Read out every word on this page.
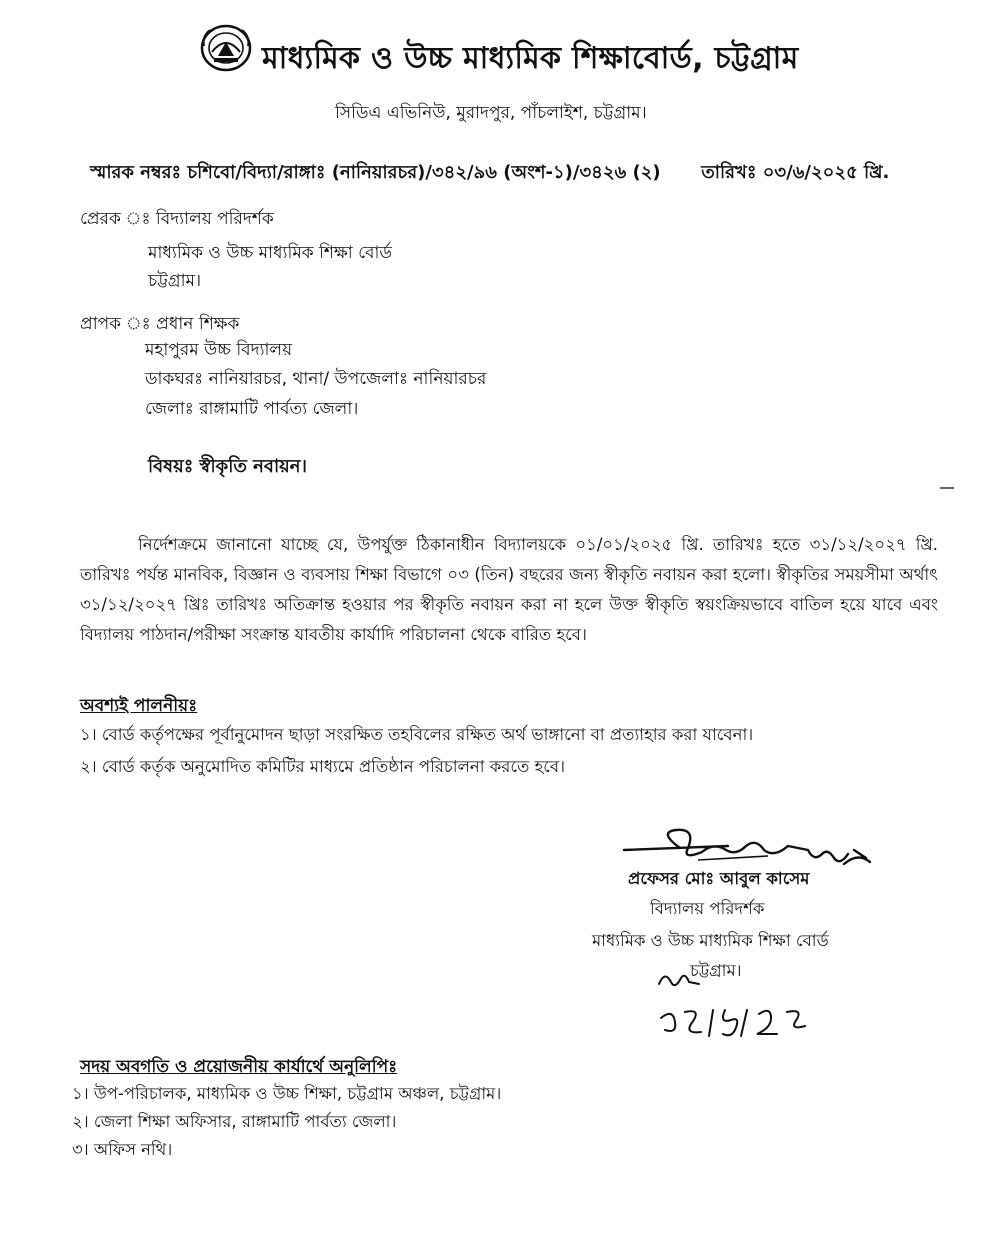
মাধ্যমিক ও উচ্চ মাধ্যমিক শিক্ষাবোর্ড, চট্টগ্রাম
সিডিএ এভিনিউ, মুরাদপুর, পাঁচলাইশ, চট্টগ্রাম।
স্মারক নম্বরঃ চশিবো/বিদ্যা/রাঙ্গাঃ (নানিয়ারচর)/৩৪২/৯৬ (অংশ-১)/৩৪২৬ (২) তারিখঃ ০৩/৬/২০২৫ খ্রি.
প্রেরক ঃ বিদ্যালয় পরিদর্শক
মাধ্যমিক ও উচ্চ মাধ্যমিক শিক্ষা বোর্ড
চট্টগ্রাম।
প্রাপক ঃ প্রধান শিক্ষক
মহাপুরম উচ্চ বিদ্যালয়
ডাকঘরঃ নানিয়ারচর, থানা/ উপজেলাঃ নানিয়ারচর
জেলাঃ রাঙ্গামাটি পার্বত্য জেলা।
বিষয়ঃ স্বীকৃতি নবায়ন।
নির্দেশক্রমে জানানো যাচ্ছে যে, উপর্যুক্ত ঠিকানাধীন বিদ্যালয়কে ০১/০১/২০২৫ খ্রি. তারিখঃ হতে ৩১/১২/২০২৭ খ্রি. তারিখঃ পর্যন্ত মানবিক, বিজ্ঞান ও ব্যবসায় শিক্ষা বিভাগে ০৩ (তিন) বছরের জন্য স্বীকৃতি নবায়ন করা হলো। স্বীকৃতির সময়সীমা অর্থাৎ ৩১/১২/২০২৭ খ্রিঃ তারিখঃ অতিক্রান্ত হওয়ার পর স্বীকৃতি নবায়ন করা না হলে উক্ত স্বীকৃতি স্বয়ংক্রিয়ভাবে বাতিল হয়ে যাবে এবং বিদ্যালয় পাঠদান/পরীক্ষা সংক্রান্ত যাবতীয় কার্যাদি পরিচালনা থেকে বারিত হবে।
অবশ্যই পালনীয়ঃ
১। বোর্ড কর্তৃপক্ষের পূর্বানুমোদন ছাড়া সংরক্ষিত তহবিলের রক্ষিত অর্থ ভাঙ্গানো বা প্রত্যাহার করা যাবেনা।
২। বোর্ড কর্তৃক অনুমোদিত কমিটির মাধ্যমে প্রতিষ্ঠান পরিচালনা করতে হবে।
প্রফেসর মোঃ আবুল কাসেম
বিদ্যালয় পরিদর্শক
মাধ্যমিক ও উচ্চ মাধ্যমিক শিক্ষা বোর্ড
চট্টগ্রাম।
সদয় অবগতি ও প্রয়োজনীয় কার্যার্থে অনুলিপিঃ
১। উপ-পরিচালক, মাধ্যমিক ও উচ্চ শিক্ষা, চট্টগ্রাম অঞ্চল, চট্টগ্রাম।
২। জেলা শিক্ষা অফিসার, রাঙ্গামাটি পার্বত্য জেলা।
৩। অফিস নথি।
